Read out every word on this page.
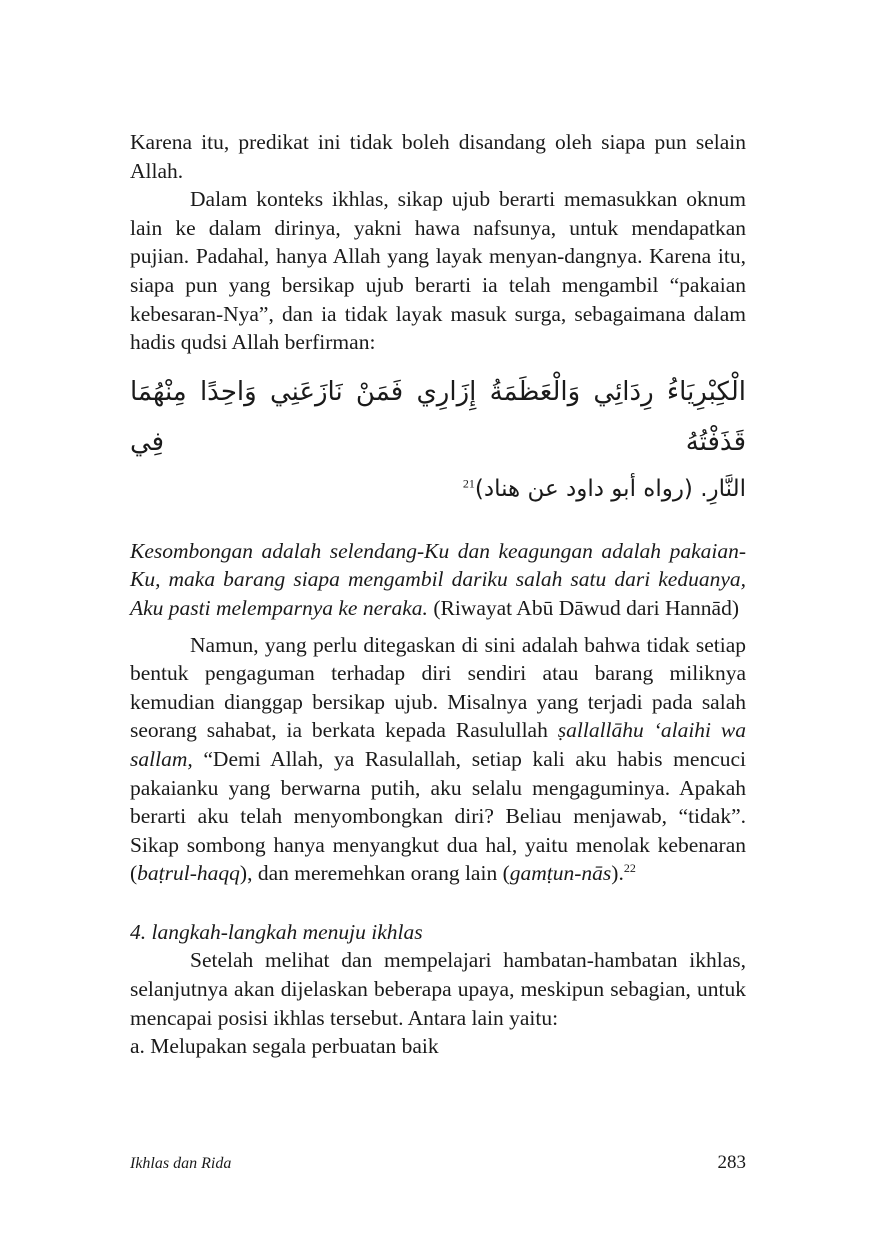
Karena itu, predikat ini tidak boleh disandang oleh siapa pun selain Allah.

Dalam konteks ikhlas, sikap ujub berarti memasukkan oknum lain ke dalam dirinya, yakni hawa nafsunya, untuk mendapatkan pujian. Padahal, hanya Allah yang layak menyan-dangnya. Karena itu, siapa pun yang bersikap ujub berarti ia telah mengambil “pakaian kebesaran-Nya”, dan ia tidak layak masuk surga, sebagaimana dalam hadis qudsi Allah berfirman:

الْكِبْرِيَاءُ رِدَائِي وَالْعَظَمَةُ إِزَارِي فَمَنْ نَازَعَنِي وَاحِدًا مِنْهُمَا قَذَفْتُهُ فِي
النَّارِ. (رواه أبو داود عن هناد)$^{21}$

Kesombongan adalah selendang-Ku dan keagungan adalah pakaian-Ku, maka barang siapa mengambil dariku salah satu dari keduanya, Aku pasti melemparnya ke neraka. (Riwayat Abū Dāwud dari Hannād)

Namun, yang perlu ditegaskan di sini adalah bahwa tidak setiap bentuk pengaguman terhadap diri sendiri atau barang miliknya kemudian dianggap bersikap ujub. Misalnya yang terjadi pada salah seorang sahabat, ia berkata kepada Rasulullah ṣallallāhu ‘alaihi wa sallam, “Demi Allah, ya Rasulallah, setiap kali aku habis mencuci pakaianku yang berwarna putih, aku selalu mengaguminya. Apakah berarti aku telah menyombongkan diri? Beliau menjawab, “tidak”. Sikap sombong hanya menyangkut dua hal, yaitu menolak kebenaran (baṭrul-haqq), dan meremehkan orang lain (gamṭun-nās).$^{22}$

4. langkah-langkah menuju ikhlas

Setelah melihat dan mempelajari hambatan-hambatan ikhlas, selanjutnya akan dijelaskan beberapa upaya, meskipun sebagian, untuk mencapai posisi ikhlas tersebut. Antara lain yaitu:

a. Melupakan segala perbuatan baik

Ikhlas dan Rida	283
